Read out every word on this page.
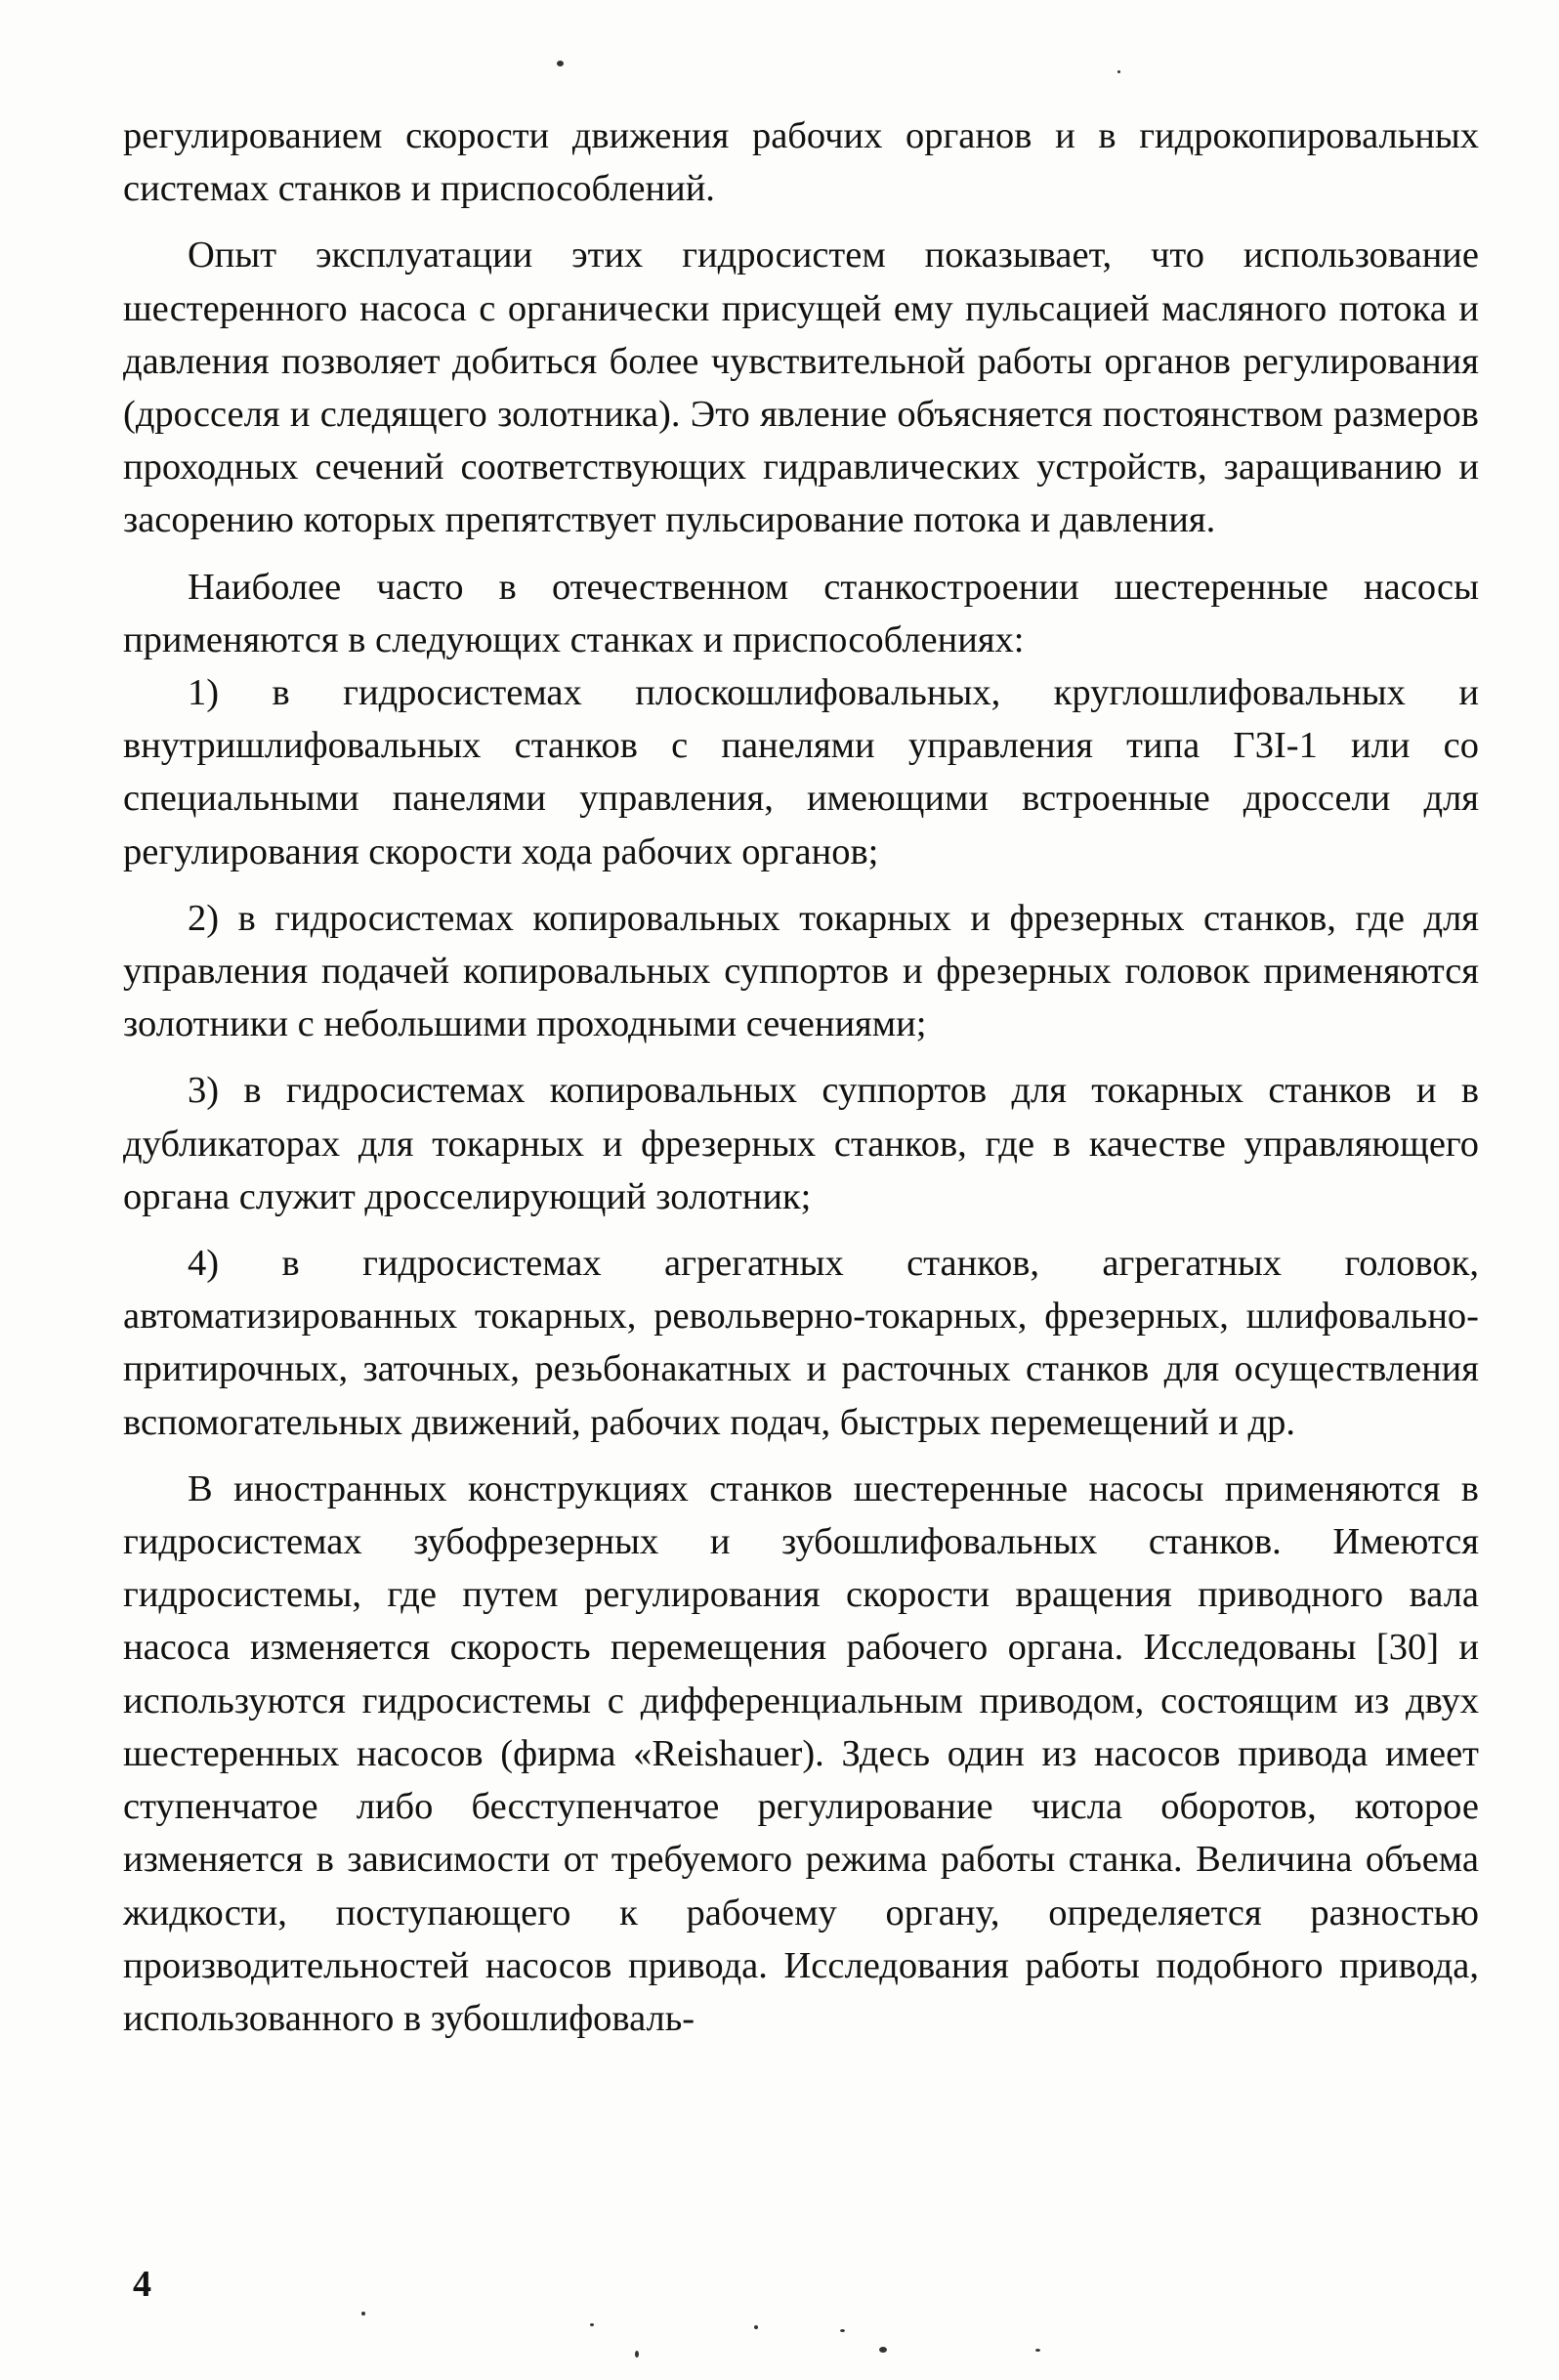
регулированием скорости движения рабочих органов и в гидрокопировальных системах станков и приспособлений.

Опыт эксплуатации этих гидросистем показывает, что использование шестеренного насоса с органически присущей ему пульсацией масляного потока и давления позволяет добиться более чувствительной работы органов регулирования (дросселя и следящего золотника). Это явление объясняется постоянством размеров проходных сечений соответствующих гидравлических устройств, заращиванию и засорению которых препятствует пульсирование потока и давления.

Наиболее часто в отечественном станкостроении шестеренные насосы применяются в следующих станках и приспособлениях:

1) в гидросистемах плоскошлифовальных, круглошлифовальных и внутришлифовальных станков с панелями управления типа Г3І-1 или со специальными панелями управления, имеющими встроенные дроссели для регулирования скорости хода рабочих органов;

2) в гидросистемах копировальных токарных и фрезерных станков, где для управления подачей копировальных суппортов и фрезерных головок применяются золотники с небольшими проходными сечениями;

3) в гидросистемах копировальных суппортов для токарных станков и в дубликаторах для токарных и фрезерных станков, где в качестве управляющего органа служит дросселирующий золотник;

4) в гидросистемах агрегатных станков, агрегатных головок, автоматизированных токарных, револьверно-токарных, фрезерных, шлифовально-притирочных, заточных, резьбонакатных и расточных станков для осуществления вспомогательных движений, рабочих подач, быстрых перемещений и др.

В иностранных конструкциях станков шестеренные насосы применяются в гидросистемах зубофрезерных и зубошлифовальных станков. Имеются гидросистемы, где путем регулирования скорости вращения приводного вала насоса изменяется скорость перемещения рабочего органа. Исследованы [30] и используются гидросистемы с дифференциальным приводом, состоящим из двух шестеренных насосов (фирма «Reishauer). Здесь один из насосов привода имеет ступенчатое либо бесступенчатое регулирование числа оборотов, которое изменяется в зависимости от требуемого режима работы станка. Величина объема жидкости, поступающего к рабочему органу, определяется разностью производительностей насосов привода. Исследования работы подобного привода, использованного в зубошлифоваль-

4
